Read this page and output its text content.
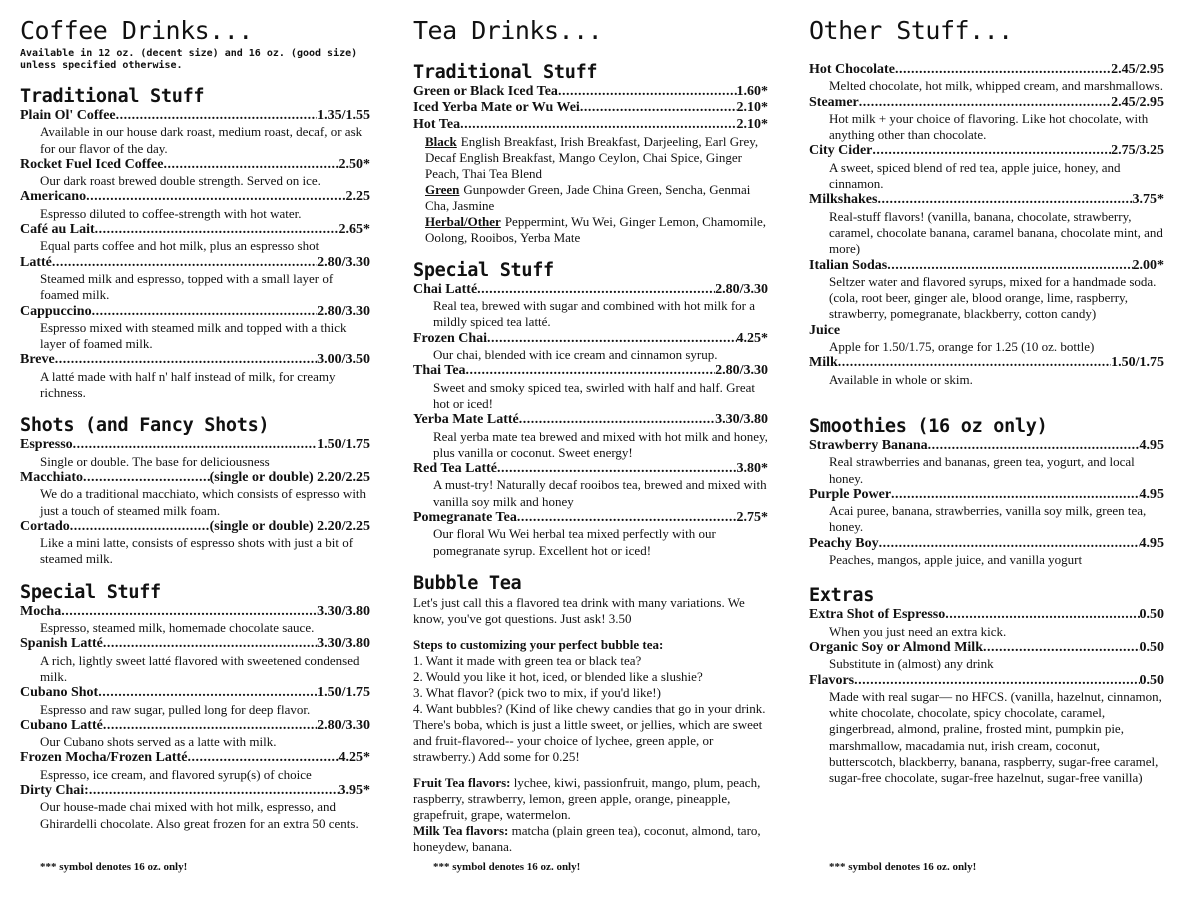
Coffee Drinks...

Available in 12 oz. (decent size) and 16 oz. (good size) unless specified otherwise.

Traditional Stuff
Plain Ol' Coffee .....	1.35/1.55
Available in our house dark roast, medium roast, decaf, or ask for our flavor of the day.
Rocket Fuel Iced Coffee .....	2.50*
Our dark roast brewed double strength. Served on ice.
Americano .....	2.25
Espresso diluted to coffee-strength with hot water.
Café au Lait .....	2.65*
Equal parts coffee and hot milk, plus an espresso shot
Latté .....	2.80/3.30
Steamed milk and espresso, topped with a small layer of foamed milk.
Cappuccino .....	2.80/3.30
Espresso mixed with steamed milk and topped with a thick layer of foamed milk.
Breve .....	3.00/3.50
A latté made with half n' half instead of milk, for creamy richness.
Shots (and Fancy Shots)
Espresso .....	1.50/1.75
Single or double. The base for deliciousness
Macchiato .....	(single or double) 2.20/2.25
We do a traditional macchiato, which consists of espresso with just a touch of steamed milk foam.
Cortado .....	(single or double) 2.20/2.25
Like a mini latte, consists of espresso shots with just a bit of steamed milk.
Special Stuff
Mocha .....	3.30/3.80
Espresso, steamed milk, homemade chocolate sauce.
Spanish Latté .....	3.30/3.80
A rich, lightly sweet latté flavored with sweetened condensed milk.
Cubano Shot .....	1.50/1.75
Espresso and raw sugar, pulled long for deep flavor.
Cubano Latté .....	2.80/3.30
Our Cubano shots served as a latte with milk.
Frozen Mocha/Frozen Latté .....	4.25*
Espresso, ice cream, and flavored syrup(s) of choice
Dirty Chai: .....	3.95*
Our house-made chai mixed with hot milk, espresso, and Ghirardelli chocolate. Also great frozen for an extra 50 cents.
*** symbol denotes 16 oz. only!
Tea Drinks...
Traditional Stuff
Green or Black Iced Tea .....	1.60*
Iced Yerba Mate or Wu Wei .....	2.10*
Hot Tea .....	2.10*
Black English Breakfast, Irish Breakfast, Darjeeling, Earl Grey, Decaf English Breakfast, Mango Ceylon, Chai Spice, Ginger Peach, Thai Tea Blend
Green Gunpowder Green, Jade China Green, Sencha, Genmai Cha, Jasmine
Herbal/Other Peppermint, Wu Wei, Ginger Lemon, Chamomile, Oolong, Rooibos, Yerba Mate
Special Stuff
Chai Latté .....	2.80/3.30
Real tea, brewed with sugar and combined with hot milk for a mildly spiced tea latté.
Frozen Chai .....	4.25*
Our chai, blended with ice cream and cinnamon syrup.
Thai Tea .....	2.80/3.30
Sweet and smoky spiced tea, swirled with half and half. Great hot or iced!
Yerba Mate Latté .....	3.30/3.80
Real yerba mate tea brewed and mixed with hot milk and honey, plus vanilla or coconut. Sweet energy!
Red Tea Latté .....	3.80*
A must-try! Naturally decaf rooibos tea, brewed and mixed with vanilla soy milk and honey
Pomegranate Tea .....	2.75*
Our floral Wu Wei herbal tea mixed perfectly with our pomegranate syrup. Excellent hot or iced!
Bubble Tea

Let's just call this a flavored tea drink with many variations. We know, you've got questions. Just ask! 3.50

Steps to customizing your perfect bubble tea:

1. Want it made with green tea or black tea?
2. Would you like it hot, iced, or blended like a slushie?
3. What flavor? (pick two to mix, if you'd like!)
4. Want bubbles? (Kind of like chewy candies that go in your drink. There's boba, which is just a little sweet, or jellies, which are sweet and fruit-flavored-- your choice of lychee, green apple, or strawberry.) Add some for 0.25!
Fruit Tea flavors: lychee, kiwi, passionfruit, mango, plum, peach, raspberry, strawberry, lemon, green apple, orange, pineapple, grapefruit, grape, watermelon.
Milk Tea flavors: matcha (plain green tea), coconut, almond, taro, honeydew, banana.
*** symbol denotes 16 oz. only!
Other Stuff...
Hot Chocolate .....	2.45/2.95
Melted chocolate, hot milk, whipped cream, and marshmallows.
Steamer .....	2.45/2.95
Hot milk + your choice of flavoring. Like hot chocolate, with anything other than chocolate.
City Cider .....	2.75/3.25
A sweet, spiced blend of red tea, apple juice, honey, and cinnamon.
Milkshakes .....	3.75*
Real-stuff flavors! (vanilla, banana, chocolate, strawberry, caramel, chocolate banana, caramel banana, chocolate mint, and more)
Italian Sodas .....	2.00*
Seltzer water and flavored syrups, mixed for a handmade soda. (cola, root beer, ginger ale, blood orange, lime, raspberry, strawberry, pomegranate, blackberry, cotton candy)
Juice
Apple for 1.50/1.75, orange for 1.25 (10 oz. bottle)
Milk .....	1.50/1.75
Available in whole or skim.
Smoothies (16 oz only)
Strawberry Banana .....	4.95
Real strawberries and bananas, green tea, yogurt, and local honey.
Purple Power .....	4.95
Acai puree, banana, strawberries, vanilla soy milk, green tea, honey.
Peachy Boy .....	4.95
Peaches, mangos, apple juice, and vanilla yogurt
Extras
Extra Shot of Espresso .....	0.50
When you just need an extra kick.
Organic Soy or Almond Milk .....	0.50
Substitute in (almost) any drink
Flavors .....	0.50
Made with real sugar— no HFCS. (vanilla, hazelnut, cinnamon, white chocolate, chocolate, spicy chocolate, caramel, gingerbread, almond, praline, frosted mint, pumpkin pie, marshmallow, macadamia nut, irish cream, coconut, butterscotch, blackberry, banana, raspberry, sugar-free caramel, sugar-free chocolate, sugar-free hazelnut, sugar-free vanilla)
*** symbol denotes 16 oz. only!
